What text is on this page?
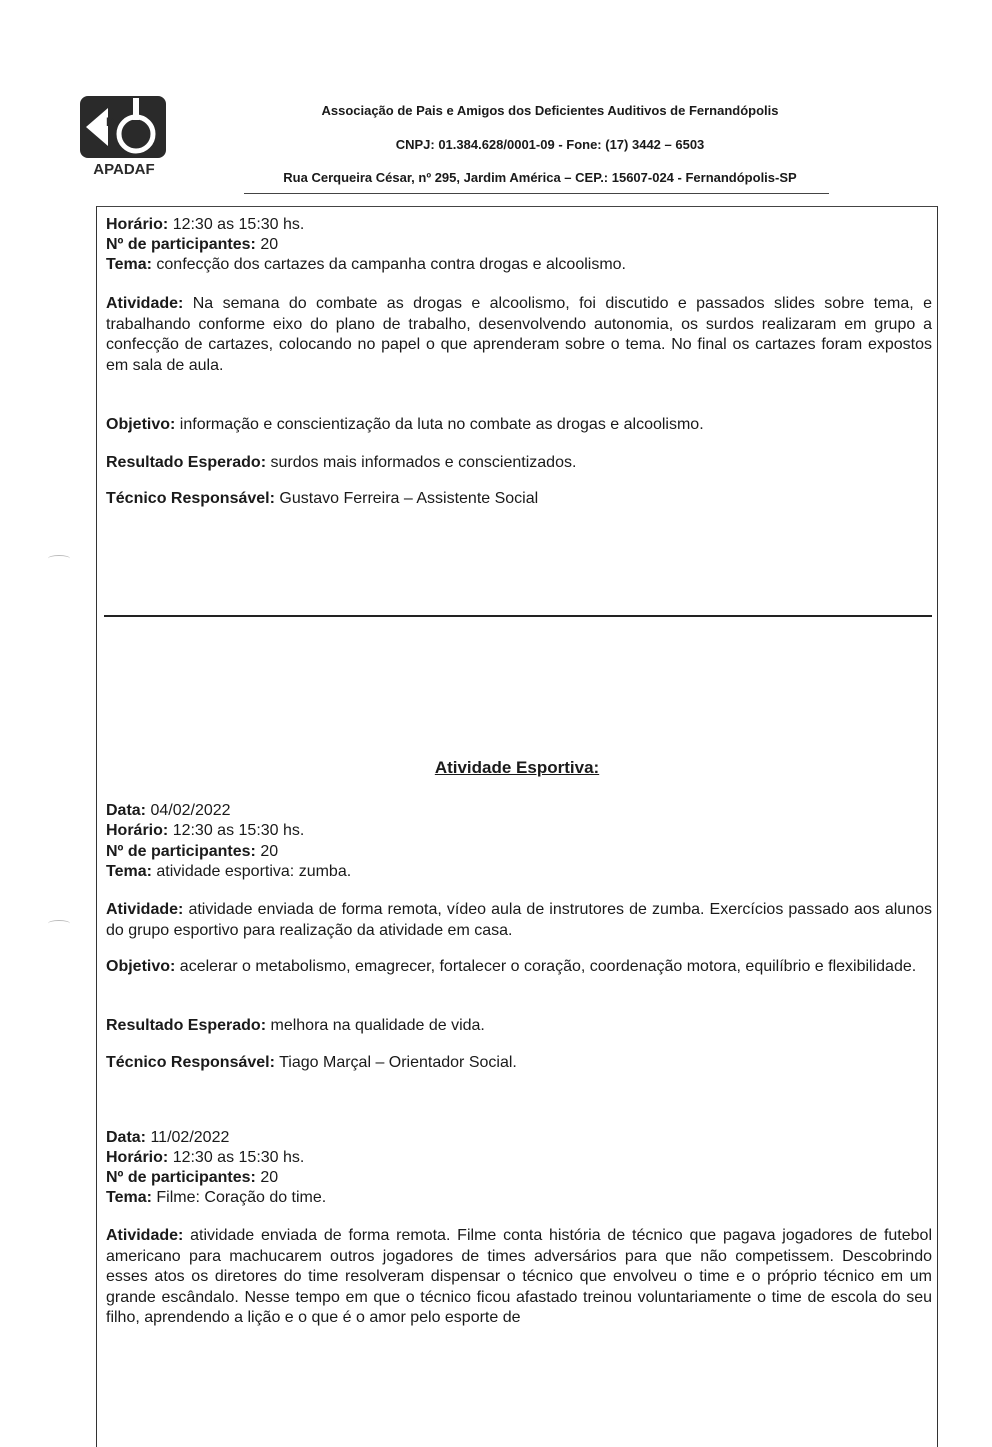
D
APADAF
Associação de Pais e Amigos dos Deficientes Auditivos de Fernandópolis
CNPJ: 01.384.628/0001-09 - Fone: (17) 3442 – 6503
Rua Cerqueira César, nº 295, Jardim América – CEP.: 15607-024 - Fernandópolis-SP
Horário: 12:30 as 15:30 hs.
Nº de participantes: 20
Tema: confecção dos cartazes da campanha contra drogas e alcoolismo.
Atividade: Na semana do combate as drogas e alcoolismo, foi discutido e passados slides sobre tema, e trabalhando conforme eixo do plano de trabalho, desenvolvendo autonomia, os surdos realizaram em grupo a confecção de cartazes, colocando no papel o que aprenderam sobre o tema. No final os cartazes foram expostos em sala de aula.
Objetivo: informação e conscientização da luta no combate as drogas e alcoolismo.
Resultado Esperado: surdos mais informados e conscientizados.
Técnico Responsável: Gustavo Ferreira – Assistente Social
Atividade Esportiva:
Data: 04/02/2022
Horário: 12:30 as 15:30 hs.
Nº de participantes: 20
Tema: atividade esportiva: zumba.
Atividade: atividade enviada de forma remota, vídeo aula de instrutores de zumba. Exercícios passado aos alunos do grupo esportivo para realização da atividade em casa.
Objetivo: acelerar o metabolismo, emagrecer, fortalecer o coração, coordenação motora, equilíbrio e flexibilidade.
Resultado Esperado: melhora na qualidade de vida.
Técnico Responsável: Tiago Marçal – Orientador Social.
Data: 11/02/2022
Horário: 12:30 as 15:30 hs.
Nº de participantes: 20
Tema: Filme: Coração do time.
Atividade: atividade enviada de forma remota. Filme conta história de técnico que pagava jogadores de futebol americano para machucarem outros jogadores de times adversários para que não competissem. Descobrindo esses atos os diretores do time resolveram dispensar o técnico que envolveu o time e o próprio técnico em um grande escândalo. Nesse tempo em que o técnico ficou afastado treinou voluntariamente o time de escola do seu filho, aprendendo a lição e o que é o amor pelo esporte de
